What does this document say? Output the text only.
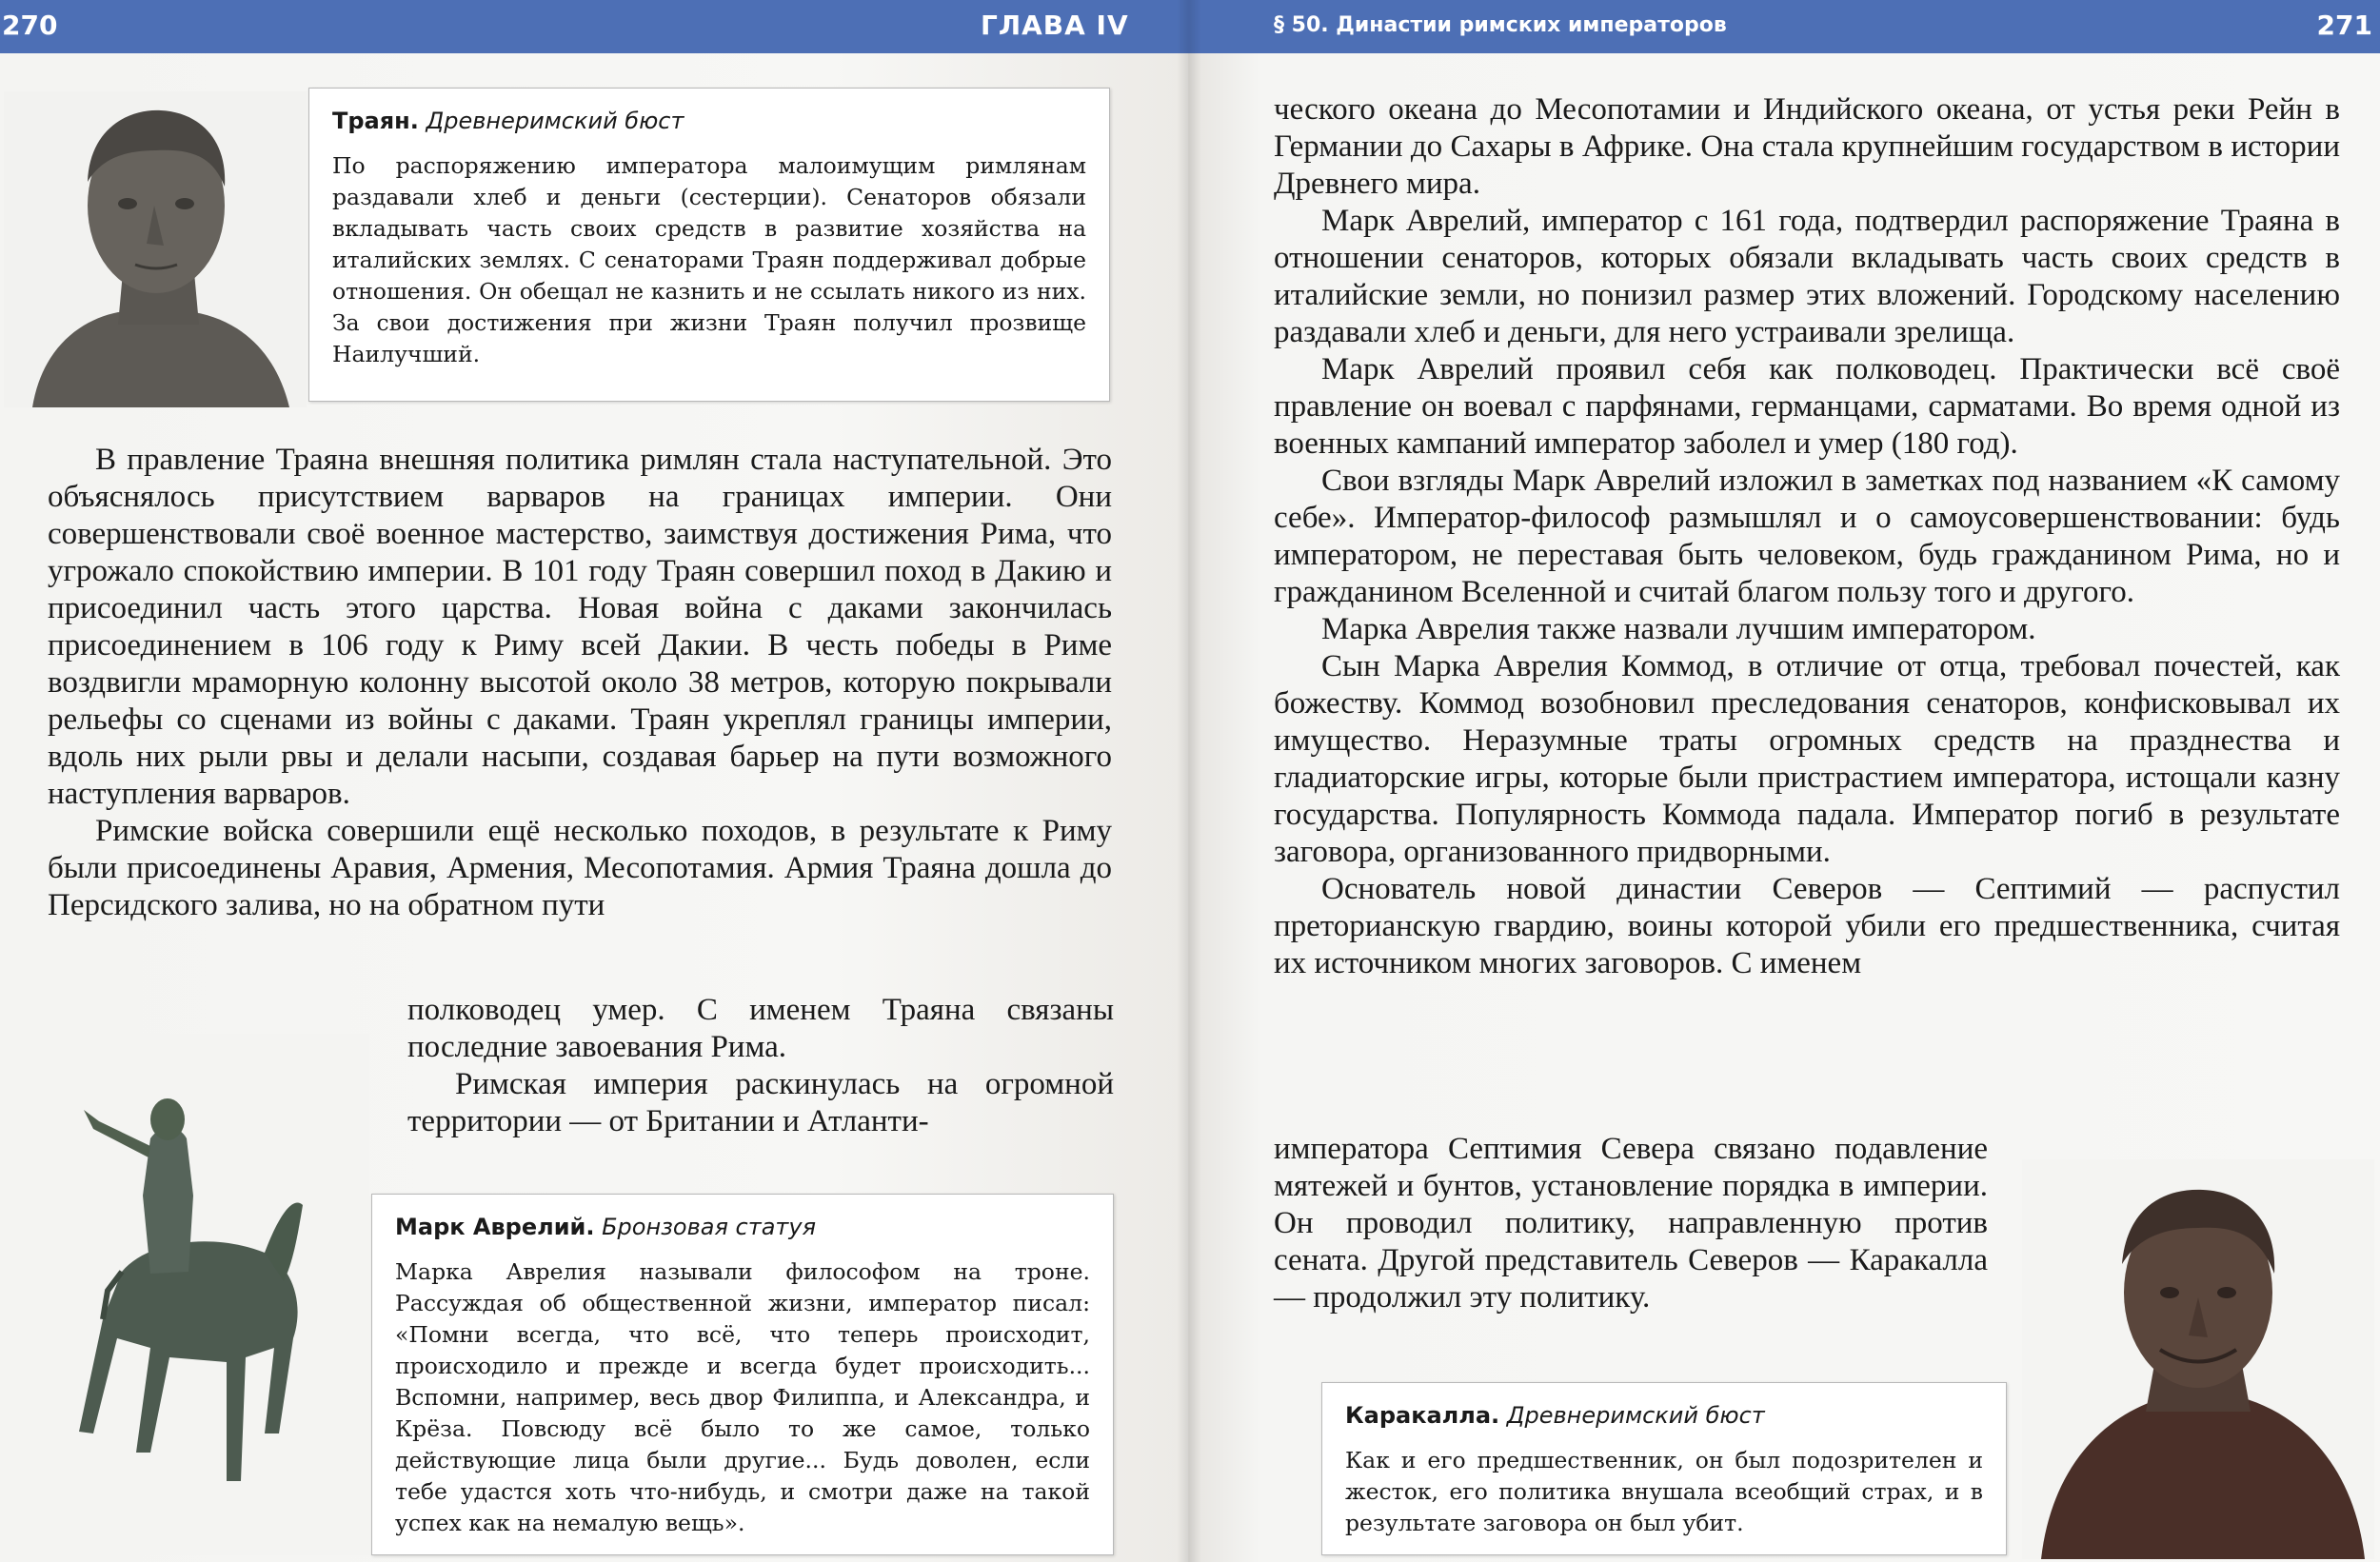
270	ГЛАВА IV
Траян. Древнеримский бюст
По распоряжению императора малоимущим римлянам раздавали хлеб и деньги (сестерции). Сенаторов обязали вкладывать часть своих средств в развитие хозяйства на италийских землях. С сенаторами Траян поддерживал добрые отношения. Он обещал не казнить и не ссылать никого из них. За свои достижения при жизни Траян получил прозвище Наилучший.

В правление Траяна внешняя политика римлян стала наступательной. Это объяснялось присутствием варваров на границах империи. Они совершенствовали своё военное мастерство, заимствуя достижения Рима, что угрожало спокойствию империи. В 101 году Траян совершил поход в Дакию и присоединил часть этого царства. Новая война с даками закончилась присоединением в 106 году к Риму всей Дакии. В честь победы в Риме воздвигли мраморную колонну высотой около 38 метров, которую покрывали рельефы со сценами из войны с даками. Траян укреплял границы империи, вдоль них рыли рвы и делали насыпи, создавая барьер на пути возможного наступления варваров.

Римские войска совершили ещё несколько походов, в результате к Риму были присоединены Аравия, Армения, Месопотамия. Армия Траяна дошла до Персидского залива, но на обратном пути

полководец умер. С именем Траяна связаны последние завоевания Рима.

Римская империя раскинулась на огромной территории — от Британии и Атланти-

Марк Аврелий. Бронзовая статуя
Марка Аврелия называли философом на троне. Рассуждая об общественной жизни, император писал: «Помни всегда, что всё, что теперь происходит, происходило и прежде и всегда будет происходить... Вспомни, например, весь двор Филиппа, и Александра, и Крёза. Повсюду всё было то же самое, только действующие лица были другие... Будь доволен, если тебе удастся хоть что-нибудь, и смотри даже на такой успех как на немалую вещь».
§ 50. Династии римских императоров	271

ческого океана до Месопотамии и Индийского океана, от устья реки Рейн в Германии до Сахары в Африке. Она стала крупнейшим государством в истории Древнего мира.

Марк Аврелий, император с 161 года, подтвердил распоряжение Траяна в отношении сенаторов, которых обязали вкладывать часть своих средств в италийские земли, но понизил размер этих вложений. Городскому населению раздавали хлеб и деньги, для него устраивали зрелища.

Марк Аврелий проявил себя как полководец. Практически всё своё правление он воевал с парфянами, германцами, сарматами. Во время одной из военных кампаний император заболел и умер (180 год).

Свои взгляды Марк Аврелий изложил в заметках под названием «К самому себе». Император-философ размышлял и о самоусовершенствовании: будь императором, не переставая быть человеком, будь гражданином Рима, но и гражданином Вселенной и считай благом пользу того и другого.

Марка Аврелия также назвали лучшим императором.

Сын Марка Аврелия Коммод, в отличие от отца, требовал почестей, как божеству. Коммод возобновил преследования сенаторов, конфисковывал их имущество. Неразумные траты огромных средств на празднества и гладиаторские игры, которые были пристрастием императора, истощали казну государства. Популярность Коммода падала. Император погиб в результате заговора, организованного придворными.

Основатель новой династии Северов — Септимий — распустил преторианскую гвардию, воины которой убили его предшественника, считая их источником многих заговоров. С именем

императора Септимия Севера связано подавление мятежей и бунтов, установление порядка в империи. Он проводил политику, направленную против сената. Другой представитель Северов — Каракалла — продолжил эту политику.

Каракалла. Древнеримский бюст
Как и его предшественник, он был подозрителен и жесток, его политика внушала всеобщий страх, и в результате заговора он был убит.
